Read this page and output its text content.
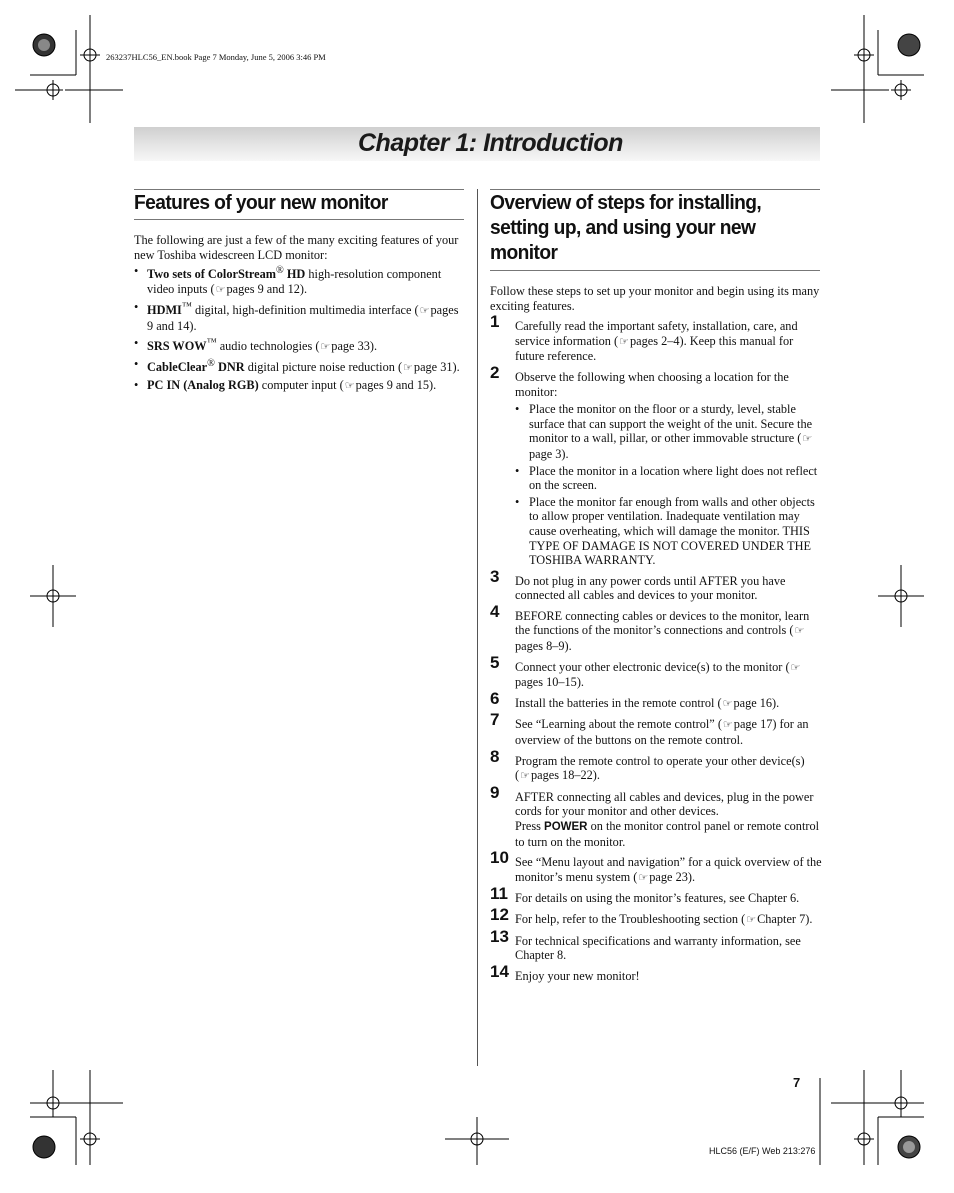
263237HLC56_EN.book Page 7 Monday, June 5, 2006 3:46 PM
Chapter 1: Introduction
Features of your new monitor
The following are just a few of the many exciting features of your new Toshiba widescreen LCD monitor:
• Two sets of ColorStream® HD high-resolution component video inputs (☞pages 9 and 12).
• HDMI™ digital, high-definition multimedia interface (☞pages 9 and 14).
• SRS WOW™ audio technologies (☞page 33).
• CableClear® DNR digital picture noise reduction (☞page 31).
• PC IN (Analog RGB) computer input (☞pages 9 and 15).
Overview of steps for installing,
setting up, and using your new
monitor
Follow these steps to set up your monitor and begin using its many exciting features.
1 Carefully read the important safety, installation, care, and service information (☞pages 2–4). Keep this manual for future reference.
2 Observe the following when choosing a location for the monitor:
• Place the monitor on the floor or a sturdy, level, stable surface that can support the weight of the unit. Secure the monitor to a wall, pillar, or other immovable structure (☞page 3).
• Place the monitor in a location where light does not reflect on the screen.
• Place the monitor far enough from walls and other objects to allow proper ventilation. Inadequate ventilation may cause overheating, which will damage the monitor. THIS TYPE OF DAMAGE IS NOT COVERED UNDER THE TOSHIBA WARRANTY.
3 Do not plug in any power cords until AFTER you have connected all cables and devices to your monitor.
4 BEFORE connecting cables or devices to the monitor, learn the functions of the monitor’s connections and controls (☞pages 8–9).
5 Connect your other electronic device(s) to the monitor (☞pages 10–15).
6 Install the batteries in the remote control (☞page 16).
7 See “Learning about the remote control” (☞page 17) for an overview of the buttons on the remote control.
8 Program the remote control to operate your other device(s) (☞pages 18–22).
9 AFTER connecting all cables and devices, plug in the power cords for your monitor and other devices.
Press POWER on the monitor control panel or remote control to turn on the monitor.
10 See “Menu layout and navigation” for a quick overview of the monitor’s menu system (☞page 23).
11 For details on using the monitor’s features, see Chapter 6.
12 For help, refer to the Troubleshooting section (☞Chapter 7).
13 For technical specifications and warranty information, see Chapter 8.
14 Enjoy your new monitor!
7
HLC56 (E/F) Web 213:276
